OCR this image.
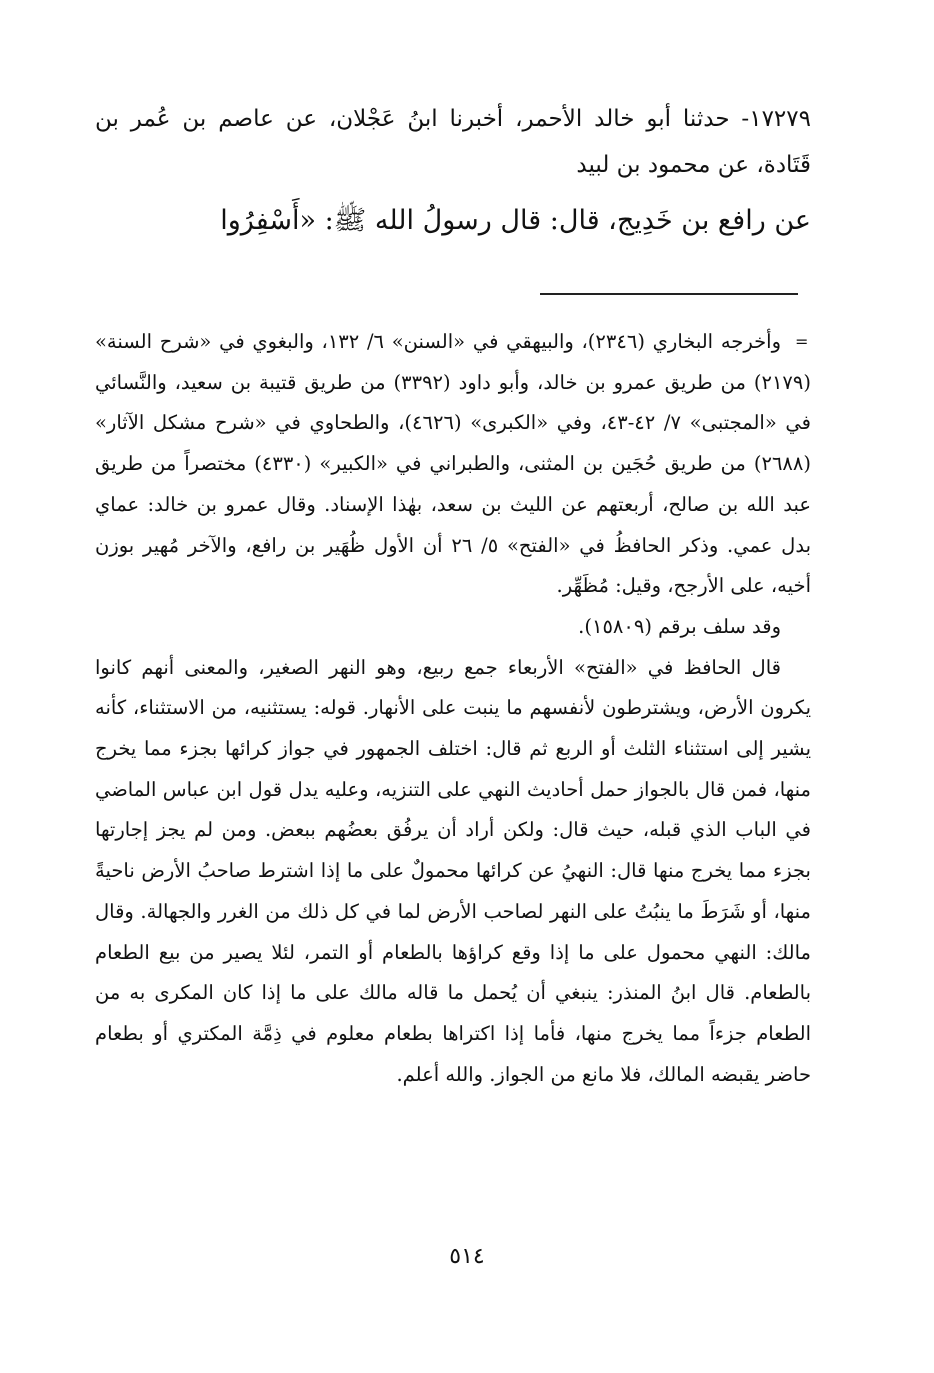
١٧٢٧٩- حدثنا أبو خالد الأحمر، أخبرنا ابنُ عَجْلان، عن عاصم بن عُمر بن قَتَادة، عن محمود بن لبيد

عن رافع بن خَدِيج، قال: قال رسولُ الله ﷺ: «أَسْفِرُوا

=

وأخرجه البخاري (٢٣٤٦)، والبيهقي في «السنن» ٦/ ١٣٢، والبغوي في «شرح السنة» (٢١٧٩) من طريق عمرو بن خالد، وأبو داود (٣٣٩٢) من طريق قتيبة بن سعيد، والنَّسائي في «المجتبى» ٧/ ٤٢-٤٣، وفي «الكبرى» (٤٦٢٦)، والطحاوي في «شرح مشكل الآثار» (٢٦٨٨) من طريق حُجَين بن المثنى، والطبراني في «الكبير» (٤٣٣٠) مختصراً من طريق عبد الله بن صالح، أربعتهم عن الليث بن سعد، بهٰذا الإسناد. وقال عمرو بن خالد: عماي بدل عمي. وذكر الحافظُ في «الفتح» ٥/ ٢٦ أن الأول ظُهَير بن رافع، والآخر مُهير بوزن أخيه، على الأرجح، وقيل: مُظَهِّر.

وقد سلف برقم (١٥٨٠٩).

قال الحافظ في «الفتح» الأربعاء جمع ربيع، وهو النهر الصغير، والمعنى أنهم كانوا يكرون الأرض، ويشترطون لأنفسهم ما ينبت على الأنهار. قوله: يستثنيه، من الاستثناء، كأنه يشير إلى استثناء الثلث أو الربع ثم قال: اختلف الجمهور في جواز كرائها بجزء مما يخرج منها، فمن قال بالجواز حمل أحاديث النهي على التنزيه، وعليه يدل قول ابن عباس الماضي في الباب الذي قبله، حيث قال: ولكن أراد أن يرفُق بعضُهم ببعض. ومن لم يجز إجارتها بجزء مما يخرج منها قال: النهيُ عن كرائها محمولٌ على ما إذا اشترط صاحبُ الأرض ناحيةً منها، أو شَرَطَ ما ينبُتُ على النهر لصاحب الأرض لما في كل ذلك من الغرر والجهالة. وقال مالك: النهي محمول على ما إذا وقع كراؤها بالطعام أو التمر، لئلا يصير من بيع الطعام بالطعام. قال ابنُ المنذر: ينبغي أن يُحمل ما قاله مالك على ما إذا كان المكرى به من الطعام جزءاً مما يخرج منها، فأما إذا اكتراها بطعام معلوم في ذِمَّة المكتري أو بطعام حاضر يقبضه المالك، فلا مانع من الجواز. والله أعلم.

٥١٤
